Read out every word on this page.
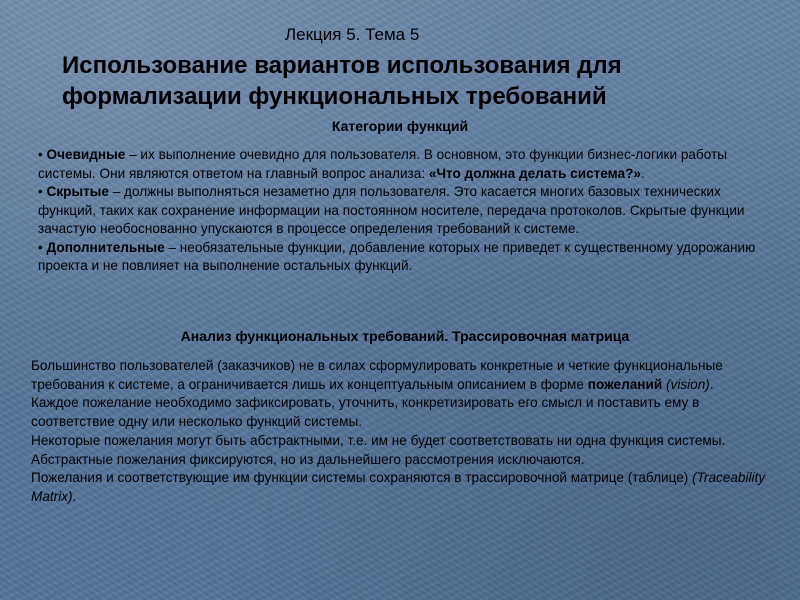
Лекция 5. Тема 5
Использование вариантов использования для формализации функциональных требований
Категории функций

• Очевидные – их выполнение очевидно для пользователя. В основном, это функции бизнес-логики работы системы. Они являются ответом на главный вопрос анализа: «Что должна делать система?».

• Скрытые – должны выполняться незаметно для пользователя. Это касается многих базовых технических функций, таких как сохранение информации на постоянном носителе, передача протоколов. Скрытые функции зачастую необоснованно упускаются в процессе определения требований к системе.

• Дополнительные – необязательные функции, добавление которых не приведет к существенному удорожанию проекта и не повлияет на выполнение остальных функций.

Анализ функциональных требований. Трассировочная матрица

Большинство пользователей (заказчиков) не в силах сформулировать конкретные и четкие функциональные требования к системе, а ограничивается лишь их концептуальным описанием в форме пожеланий (vision).

Каждое пожелание необходимо зафиксировать, уточнить, конкретизировать его смысл и поставить ему в соответствие одну или несколько функций системы.

Некоторые пожелания могут быть абстрактными, т.е. им не будет соответствовать ни одна функция системы. Абстрактные пожелания фиксируются, но из дальнейшего рассмотрения исключаются.

Пожелания и соответствующие им функции системы сохраняются в трассировочной матрице (таблице) (Traceability Matrix).
